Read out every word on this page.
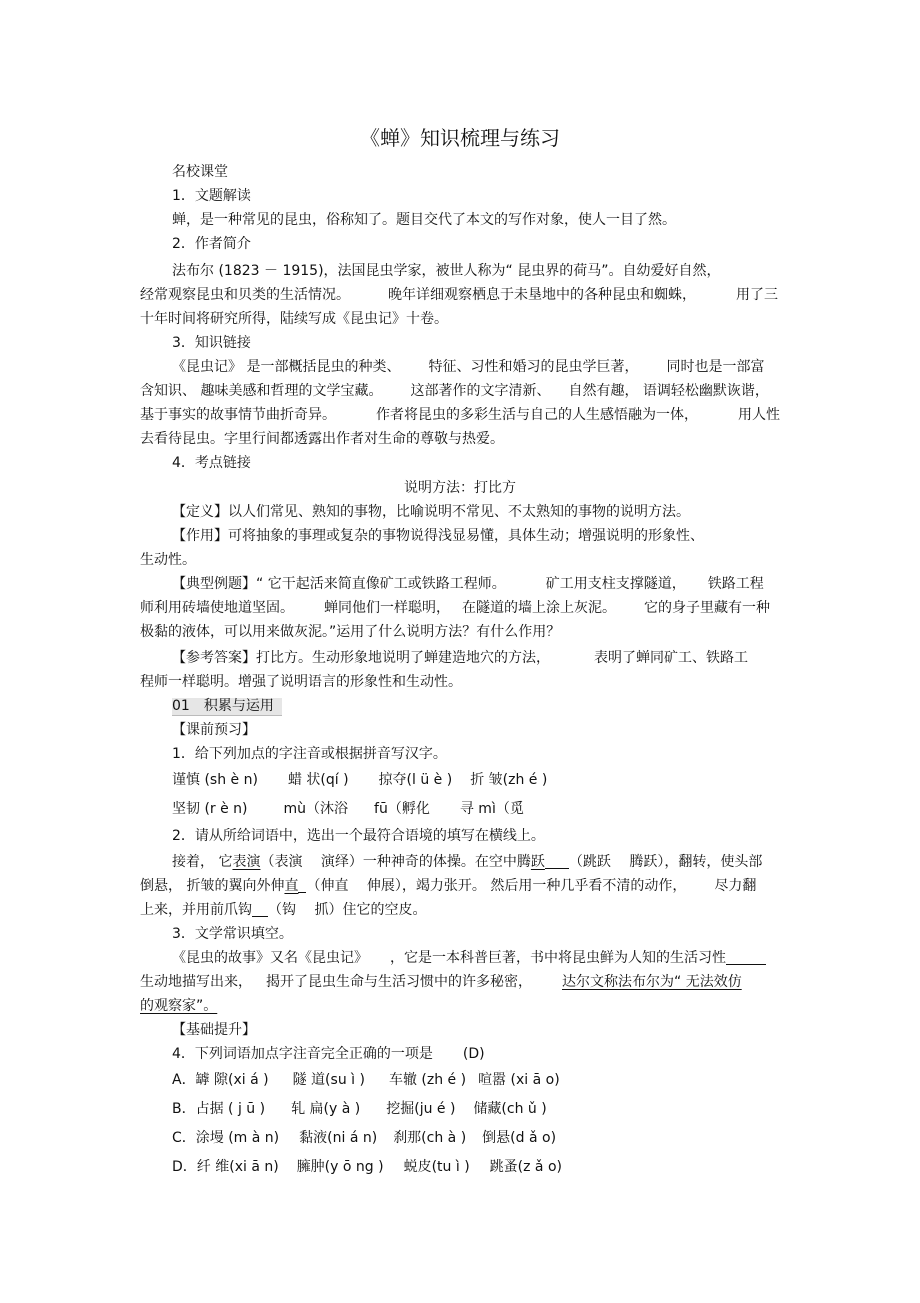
《蝉》知识梳理与练习
名校课堂
1．文题解读
蝉，是一种常见的昆虫，俗称知了。题目交代了本文的写作对象，使人一目了然。
2．作者简介
法布尔 (1823 － 1915)，法国昆虫学家，被世人称为“ 昆虫界的荷马”。自幼爱好自然，
经常观察昆虫和贝类的生活情况。	晚年详细观察栖息于未垦地中的各种昆虫和蜘蛛，	用了三
十年时间将研究所得，陆续写成《昆虫记》十卷。
3．知识链接
《昆虫记》 是一部概括昆虫的种类、 特征、习性和婚习的昆虫学巨著， 同时也是一部富
含知识、 趣味美感和哲理的文学宝藏。 这部著作的文字清新、 自然有趣， 语调轻松幽默诙谐，
基于事实的故事情节曲折奇异。	作者将昆虫的多彩生活与自己的人生感悟融为一体，	用人性
去看待昆虫。字里行间都透露出作者对生命的尊敬与热爱。
4．考点链接
说明方法：打比方
【定义】以人们常见、熟知的事物，比喻说明不常见、不太熟知的事物的说明方法。
【作用】可将抽象的事理或复杂的事物说得浅显易懂，具体生动；增强说明的形象性、
生动性。
【典型例题】“ 它干起活来简直像矿工或铁路工程师。	矿工用支柱支撑隧道， 铁路工程
师利用砖墙使地道坚固。 蝉同他们一样聪明， 在隧道的墙上涂上灰泥。 它的身子里藏有一种
极黏的液体，可以用来做灰泥。”运用了什么说明方法？有什么作用？
【参考答案】打比方。生动形象地说明了蝉建造地穴的方法，	表明了蝉同矿工、铁路工
程师一样聪明。增强了说明语言的形象性和生动性。
01　积累与运用
【课前预习】
1．给下列加点的字注音或根据拼音写汉字。
谨慎 (sh è n) 蜡 状(qí ) 掠夺(l ü è ) 折 皱(zh é )
坚韧 (r è n)	mù（沐浴 fū（孵化 寻 mì（觅
2．请从所给词语中，选出一个最符合语境的填写在横线上。
接着， 它表演（表演　 演绎）一种神奇的体操。在空中腾跃 （跳跃　 腾跃），翻转，使头部
倒悬， 折皱的翼向外伸直 （伸直　 伸展），竭力张开。 然后用一种几乎看不清的动作， 尽力翻
上来，并用前爪钩 （钩　 抓）住它的空皮。
3．文学常识填空。
《昆虫的故事》又名《昆虫记》 ，它是一本科普巨著，书中将昆虫鲜为人知的生活习性
生动地描写出来， 揭开了昆虫生命与生活习惯中的许多秘密， 达尔文称法布尔为“ 无法效仿
的观察家”。
【基础提升】
4．下列词语加点字注音完全正确的一项是 (D)
A．罅 隙(xi á ) 隧 道(su ì ) 车辙 (zh é ) 喧嚣 (xi ā o)
B．占据 ( j ū ) 轧 扁(y à ) 挖掘(ju é ) 储藏(ch ǔ )
C．涂墁 (m à n) 黏液(ni á n) 刹那(ch à ) 倒悬(d ǎ o)
D．纤 维(xi ā n) 臃肿(y ō ng ) 蜕皮(tu ì ) 跳蚤(z ǎ o)
